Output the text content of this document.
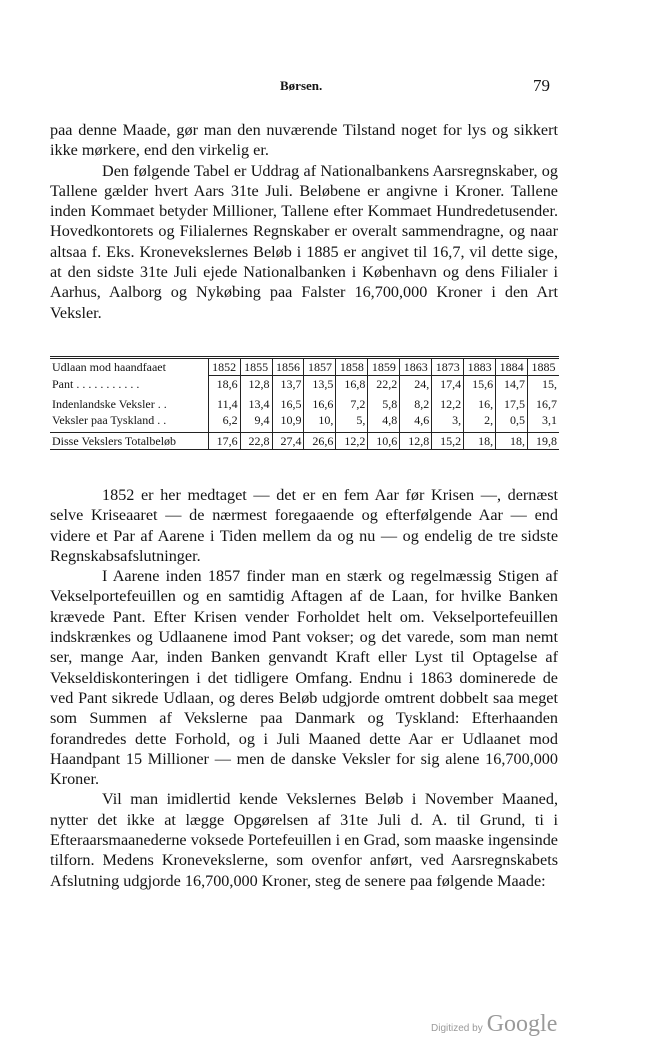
Børsen.	79

paa denne Maade, gør man den nuværende Tilstand noget for lys og sikkert ikke mørkere, end den virkelig er.

Den følgende Tabel er Uddrag af Nationalbankens Aarsregnskaber, og Tallene gælder hvert Aars 31te Juli. Beløbene er angivne i Kroner. Tallene inden Kommaet betyder Millioner, Tallene efter Kommaet Hundredetusender. Hovedkontorets og Filialernes Regnskaber er overalt sammendragne, og naar altsaa f. Eks. Kronevekslernes Beløb i 1885 er angivet til 16,7, vil dette sige, at den sidste 31te Juli ejede Nationalbanken i København og dens Filialer i Aarhus, Aalborg og Nykøbing paa Falster 16,700,000 Kroner i den Art Veksler.

Udlaan mod haandfaaet	1852	1855	1856	1857	1858	1859	1863	1873	1883	1884	1885
Pant . . . . . . . . . . .	18,6	12,8	13,7	13,5	16,8	22,2	24,	17,4	15,6	14,7	15,

Indenlandske Veksler . .	11,4	13,4	16,5	16,6	7,2	5,8	8,2	12,2	16,	17,5	16,7
Veksler paa Tyskland . .	6,2	9,4	10,9	10,	5,	4,8	4,6	3,	2,	0,5	3,1

Disse Vekslers Totalbeløb	17,6	22,8	27,4	26,6	12,2	10,6	12,8	15,2	18,	18,	19,8

1852 er her medtaget — det er en fem Aar før Krisen —, dernæst selve Kriseaaret — de nærmest foregaaende og efterfølgende Aar — end videre et Par af Aarene i Tiden mellem da og nu — og endelig de tre sidste Regnskabsafslutninger.

I Aarene inden 1857 finder man en stærk og regelmæssig Stigen af Vekselportefeuillen og en samtidig Aftagen af de Laan, for hvilke Banken krævede Pant. Efter Krisen vender Forholdet helt om. Vekselportefeuillen indskrænkes og Udlaanene imod Pant vokser; og det varede, som man nemt ser, mange Aar, inden Banken genvandt Kraft eller Lyst til Optagelse af Vekseldiskonteringen i det tidligere Omfang. Endnu i 1863 dominerede de ved Pant sikrede Udlaan, og deres Beløb udgjorde omtrent dobbelt saa meget som Summen af Vekslerne paa Danmark og Tyskland: Efterhaanden forandredes dette Forhold, og i Juli Maaned dette Aar er Udlaanet mod Haandpant 15 Millioner — men de danske Veksler for sig alene 16,700,000 Kroner.

Vil man imidlertid kende Vekslernes Beløb i November Maaned, nytter det ikke at lægge Opgørelsen af 31te Juli d. A. til Grund, ti i Efteraarsmaanederne voksede Portefeuillen i en Grad, som maaske ingensinde tilforn. Medens Kronevekslerne, som ovenfor anført, ved Aarsregnskabets Afslutning udgjorde 16,700,000 Kroner, steg de senere paa følgende Maade:

Digitized by Google
